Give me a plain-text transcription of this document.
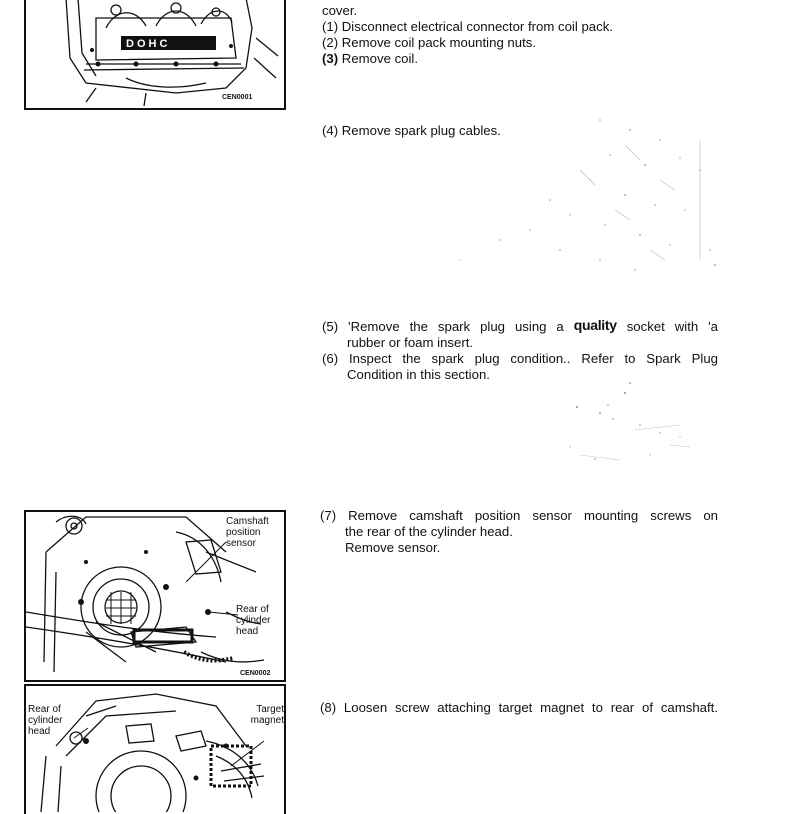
DOHC
CEN0001
cover.
(1) Disconnect electrical connector from coil pack.
(2) Remove coil pack mounting nuts.
(3) Remove coil.
(4) Remove spark plug cables.
(5) 'Remove the spark plug using a quality socket with 'a
rubber or foam insert.
(6) Inspect the spark plug condition.. Refer to Spark Plug
Condition in this section.
Camshaft position sensor
Rear of cylinder head
CEN0002
(7) Remove camshaft position sensor mounting screws on
the rear of the cylinder head.
Remove sensor.
Rear of cylinder head
Target magnet
(8) Loosen screw attaching target magnet to rear of camshaft.
